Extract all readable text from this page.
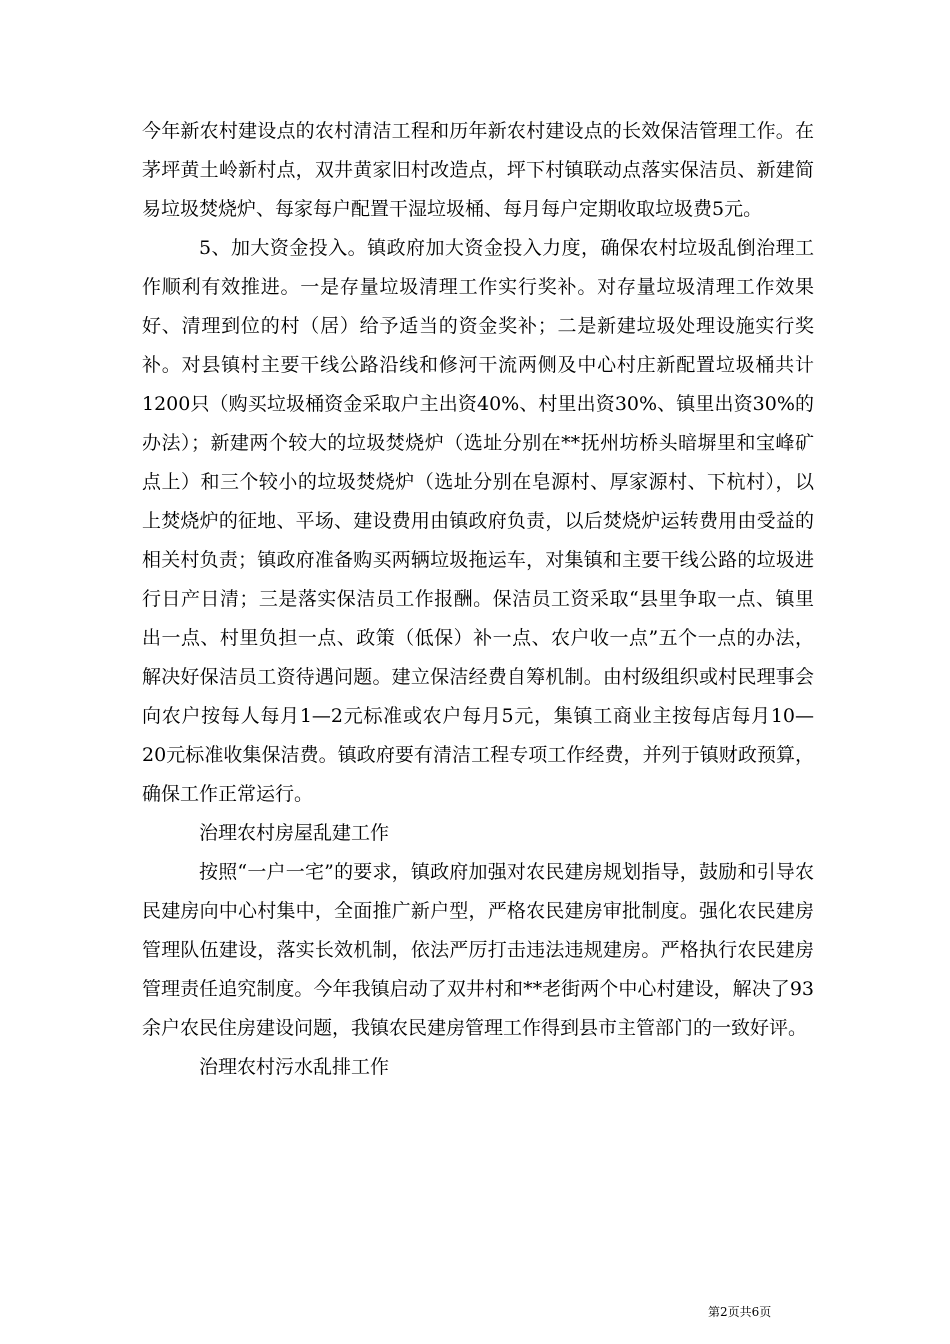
今年新农村建设点的农村清洁工程和历年新农村建设点的长效保洁管理工作。在茅坪黄土岭新村点，双井黄家旧村改造点，坪下村镇联动点落实保洁员、新建简易垃圾焚烧炉、每家每户配置干湿垃圾桶、每月每户定期收取垃圾费5元。

5、加大资金投入。镇政府加大资金投入力度，确保农村垃圾乱倒治理工作顺利有效推进。一是存量垃圾清理工作实行奖补。对存量垃圾清理工作效果好、清理到位的村（居）给予适当的资金奖补；二是新建垃圾处理设施实行奖补。对县镇村主要干线公路沿线和修河干流两侧及中心村庄新配置垃圾桶共计1200只（购买垃圾桶资金采取户主出资40%、村里出资30%、镇里出资30%的办法）；新建两个较大的垃圾焚烧炉（选址分别在**抚州坊桥头暗塀里和宝峰矿点上）和三个较小的垃圾焚烧炉（选址分别在皂源村、厚家源村、下杭村），以上焚烧炉的征地、平场、建设费用由镇政府负责，以后焚烧炉运转费用由受益的相关村负责；镇政府准备购买两辆垃圾拖运车，对集镇和主要干线公路的垃圾进行日产日清；三是落实保洁员工作报酬。保洁员工资采取“县里争取一点、镇里出一点、村里负担一点、政策（低保）补一点、农户收一点”五个一点的办法，解决好保洁员工资待遇问题。建立保洁经费自筹机制。由村级组织或村民理事会向农户按每人每月1—2元标准或农户每月5元，集镇工商业主按每店每月10—20元标准收集保洁费。镇政府要有清洁工程专项工作经费，并列于镇财政预算，确保工作正常运行。

治理农村房屋乱建工作

按照“一户一宅”的要求，镇政府加强对农民建房规划指导，鼓励和引导农民建房向中心村集中，全面推广新户型，严格农民建房审批制度。强化农民建房管理队伍建设，落实长效机制，依法严厉打击违法违规建房。严格执行农民建房管理责任追究制度。今年我镇启动了双井村和**老街两个中心村建设，解决了93余户农民住房建设问题，我镇农民建房管理工作得到县市主管部门的一致好评。

治理农村污水乱排工作

第2页共6页
